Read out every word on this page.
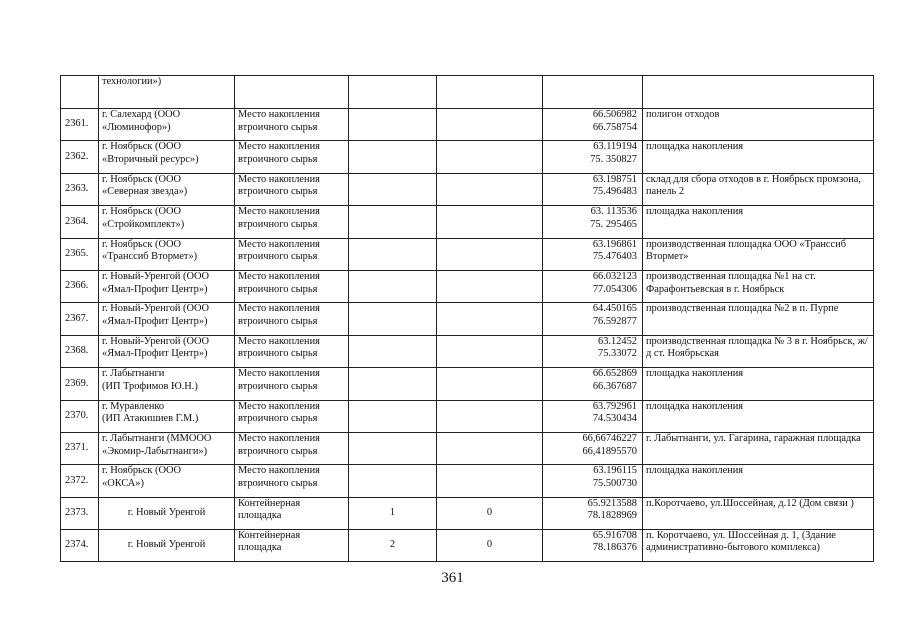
	технологии»)					

2361.	г. Салехард (ООО
«Люминофор»)	Место накопления
втроичного сырья			66.506982
66.758754	полигон отходов
2362.	г. Ноябрьск (ООО
«Вторичный ресурс»)	Место накопления
втроичного сырья			63.119194
75. 350827	площадка накопления
2363.	г. Ноябрьск (ООО
«Северная звезда»)	Место накопления
втроичного сырья			63.198751
75.496483	склад для сбора отходов в г. Ноябрьск промзона, панель 2
2364.	г. Ноябрьск (ООО
«Стройкомплект»)	Место накопления
втроичного сырья			63. 113536
75. 295465	площадка накопления
2365.	г. Ноябрьск (ООО
«Транссиб Втормет»)	Место накопления
втроичного сырья			63.196861
75.476403	производственная площадка ООО «Транссиб Втормет»
2366.	г. Новый-Уренгой (ООО
«Ямал-Профит Центр»)	Место накопления
втроичного сырья			66.032123
77.054306	производственная площадка №1 на ст. Фарафонтьевская в г. Ноябрьск
2367.	г. Новый-Уренгой (ООО
«Ямал-Профит Центр»)	Место накопления
втроичного сырья			64.450165
76.592877	производственная площадка №2 в п. Пурпе
2368.	г. Новый-Уренгой (ООО
«Ямал-Профит Центр»)	Место накопления
втроичного сырья			63.12452
75.33072	производственная площадка № 3 в г. Ноябрьск, ж/д ст. Ноябрьская
2369.	г. Лабытнанги
(ИП Трофимов Ю.Н.)	Место накопления
втроичного сырья			66.652869
66.367687	площадка накопления
2370.	г. Муравленко
(ИП Атакишиев Г.М.)	Место накопления
втроичного сырья			63.792961
74.530434	площадка накопления
2371.	г. Лабытнанги (ММООО
«Экомир-Лабытнанги»)	Место накопления
втроичного сырья			66,66746227
66,41895570	г. Лабытнанги, ул. Гагарина, гаражная площадка
2372.	г. Ноябрьск (ООО
«ОКСА»)	Место накопления
втроичного сырья			63.196115
75.500730	площадка накопления
2373.	г. Новый Уренгой	Контейнерная
площадка	1	0	65.9213588
78.1828969	п.Коротчаево, ул.Шоссейная, д.12 (Дом связи )
2374.	г. Новый Уренгой	Контейнерная
площадка	2	0	65.916708
78.186376	п. Коротчаево, ул. Шоссейная д. 1, (Здание административно-бытового комплекса)
361
